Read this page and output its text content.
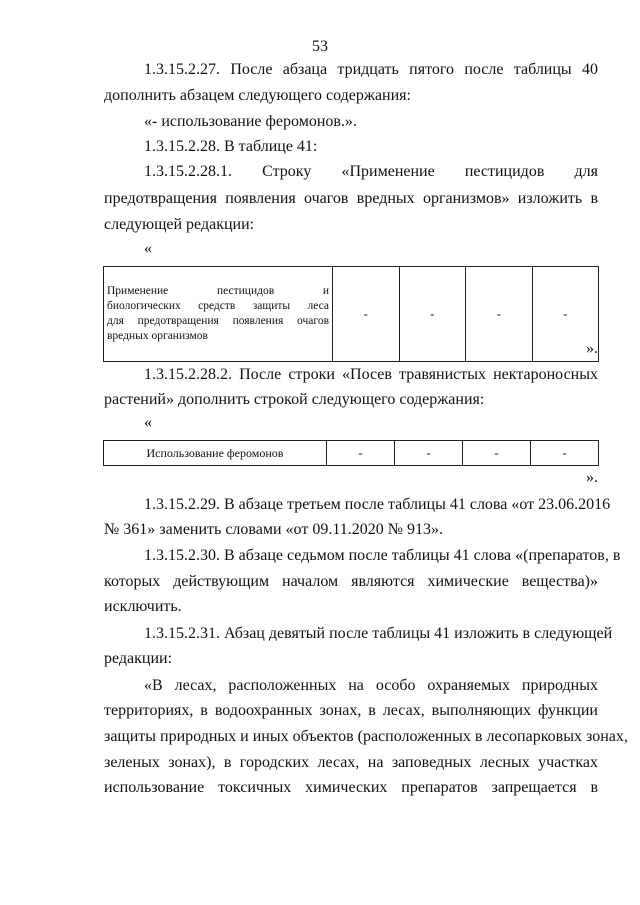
53
1.3.15.2.27. После абзаца тридцать пятого после таблицы 40
дополнить абзацем следующего содержания:
«- использование феромонов.».
1.3.15.2.28. В таблице 41:
1.3.15.2.28.1. Строку «Применение пестицидов для
предотвращения появления очагов вредных организмов» изложить в
следующей редакции:
«
Применение пестицидов и
биологических средств защиты леса
для предотвращения появления очагов
вредных организмов
	-	-	-	-
».
1.3.15.2.28.2. После строки «Посев травянистых нектароносных
растений» дополнить строкой следующего содержания:
«
Использование феромонов	-	-	-	-
».
1.3.15.2.29. В абзаце третьем после таблицы 41 слова «от 23.06.2016
№ 361» заменить словами «от 09.11.2020 № 913».
1.3.15.2.30. В абзаце седьмом после таблицы 41 слова «(препаратов, в
которых действующим началом являются химические вещества)»
исключить.
1.3.15.2.31. Абзац девятый после таблицы 41 изложить в следующей
редакции:
«В лесах, расположенных на особо охраняемых природных
территориях, в водоохранных зонах, в лесах, выполняющих функции
защиты природных и иных объектов (расположенных в лесопарковых зонах,
зеленых зонах), в городских лесах, на заповедных лесных участках
использование токсичных химических препаратов запрещается в
